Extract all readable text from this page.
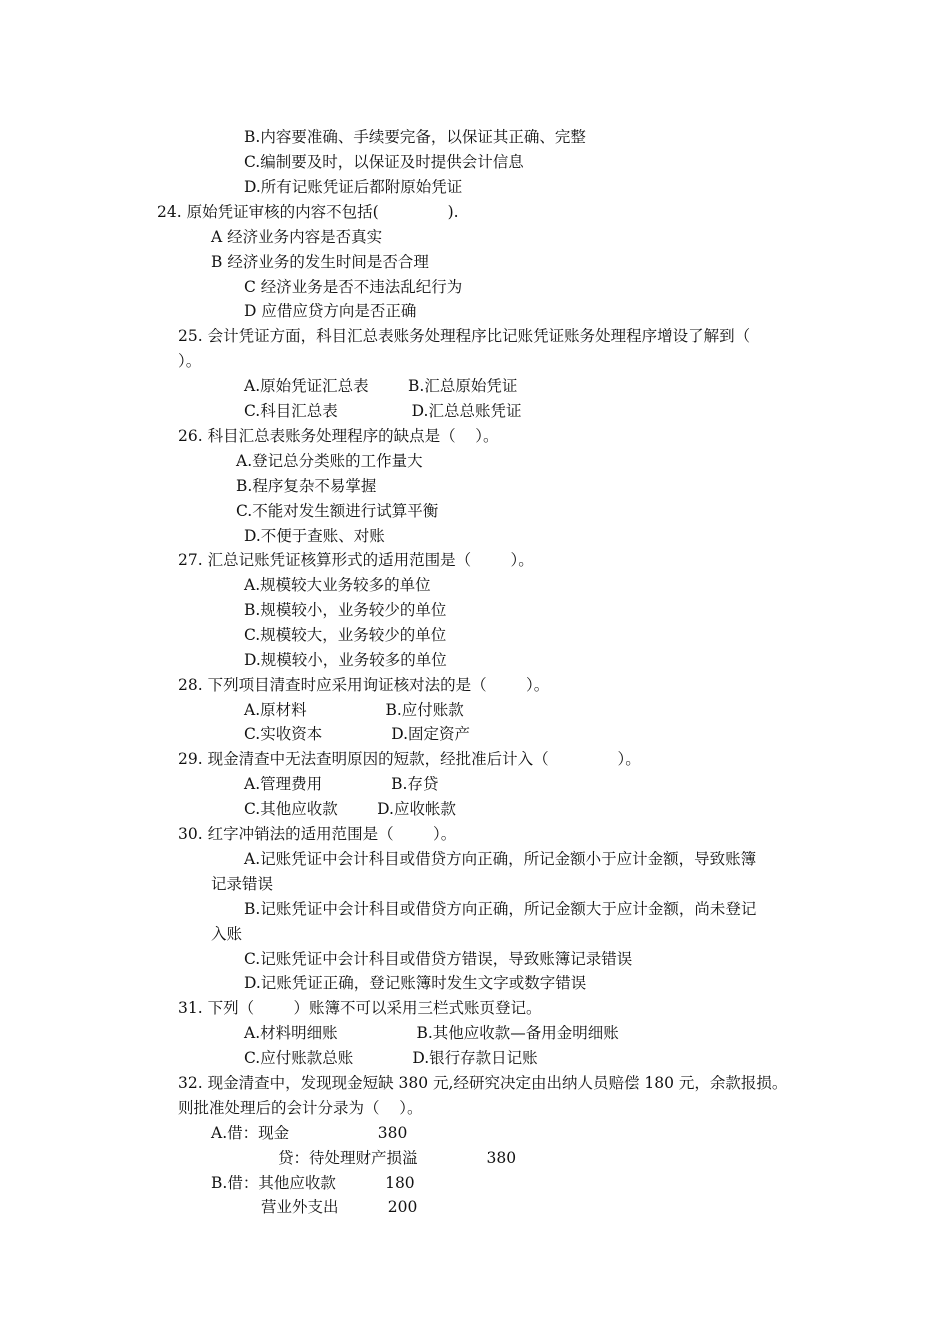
B.内容要准确、手续要完备，以保证其正确、完整
C.编制要及时，以保证及时提供会计信息
D.所有记账凭证后都附原始凭证
24. 原始凭证审核的内容不包括(              ).
A 经济业务内容是否真实
B 经济业务的发生时间是否合理
C 经济业务是否不违法乱纪行为
D 应借应贷方向是否正确
25. 会计凭证方面，科目汇总表账务处理程序比记账凭证账务处理程序增设了解到（
）。
A.原始凭证汇总表        B.汇总原始凭证
C.科目汇总表               D.汇总总账凭证
26. 科目汇总表账务处理程序的缺点是（    ）。
A.登记总分类账的工作量大
B.程序复杂不易掌握
C.不能对发生额进行试算平衡
D.不便于查账、对账
27. 汇总记账凭证核算形式的适用范围是（        ）。
A.规模较大业务较多的单位
B.规模较小，业务较少的单位
C.规模较大，业务较少的单位
D.规模较小，业务较多的单位
28. 下列项目清查时应采用询证核对法的是（        ）。
A.原材料                B.应付账款
C.实收资本              D.固定资产
29. 现金清查中无法查明原因的短款，经批准后计入（              ）。
A.管理费用              B.存贷
C.其他应收款        D.应收帐款
30. 红字冲销法的适用范围是（        ）。
A.记账凭证中会计科目或借贷方向正确，所记金额小于应计金额，导致账簿
记录错误
B.记账凭证中会计科目或借贷方向正确，所记金额大于应计金额，尚未登记
入账
C.记账凭证中会计科目或借贷方错误，导致账簿记录错误
D.记账凭证正确，登记账簿时发生文字或数字错误
31. 下列（        ）账簿不可以采用三栏式账页登记。
A.材料明细账                B.其他应收款—备用金明细账
C.应付账款总账            D.银行存款日记账
32. 现金清查中，发现现金短缺 380 元,经研究决定由出纳人员赔偿 180 元，余款报损。
则批准处理后的会计分录为（    ）。
A.借：现金                  380
贷：待处理财产损溢              380
B.借：其他应收款          180
营业外支出          200
